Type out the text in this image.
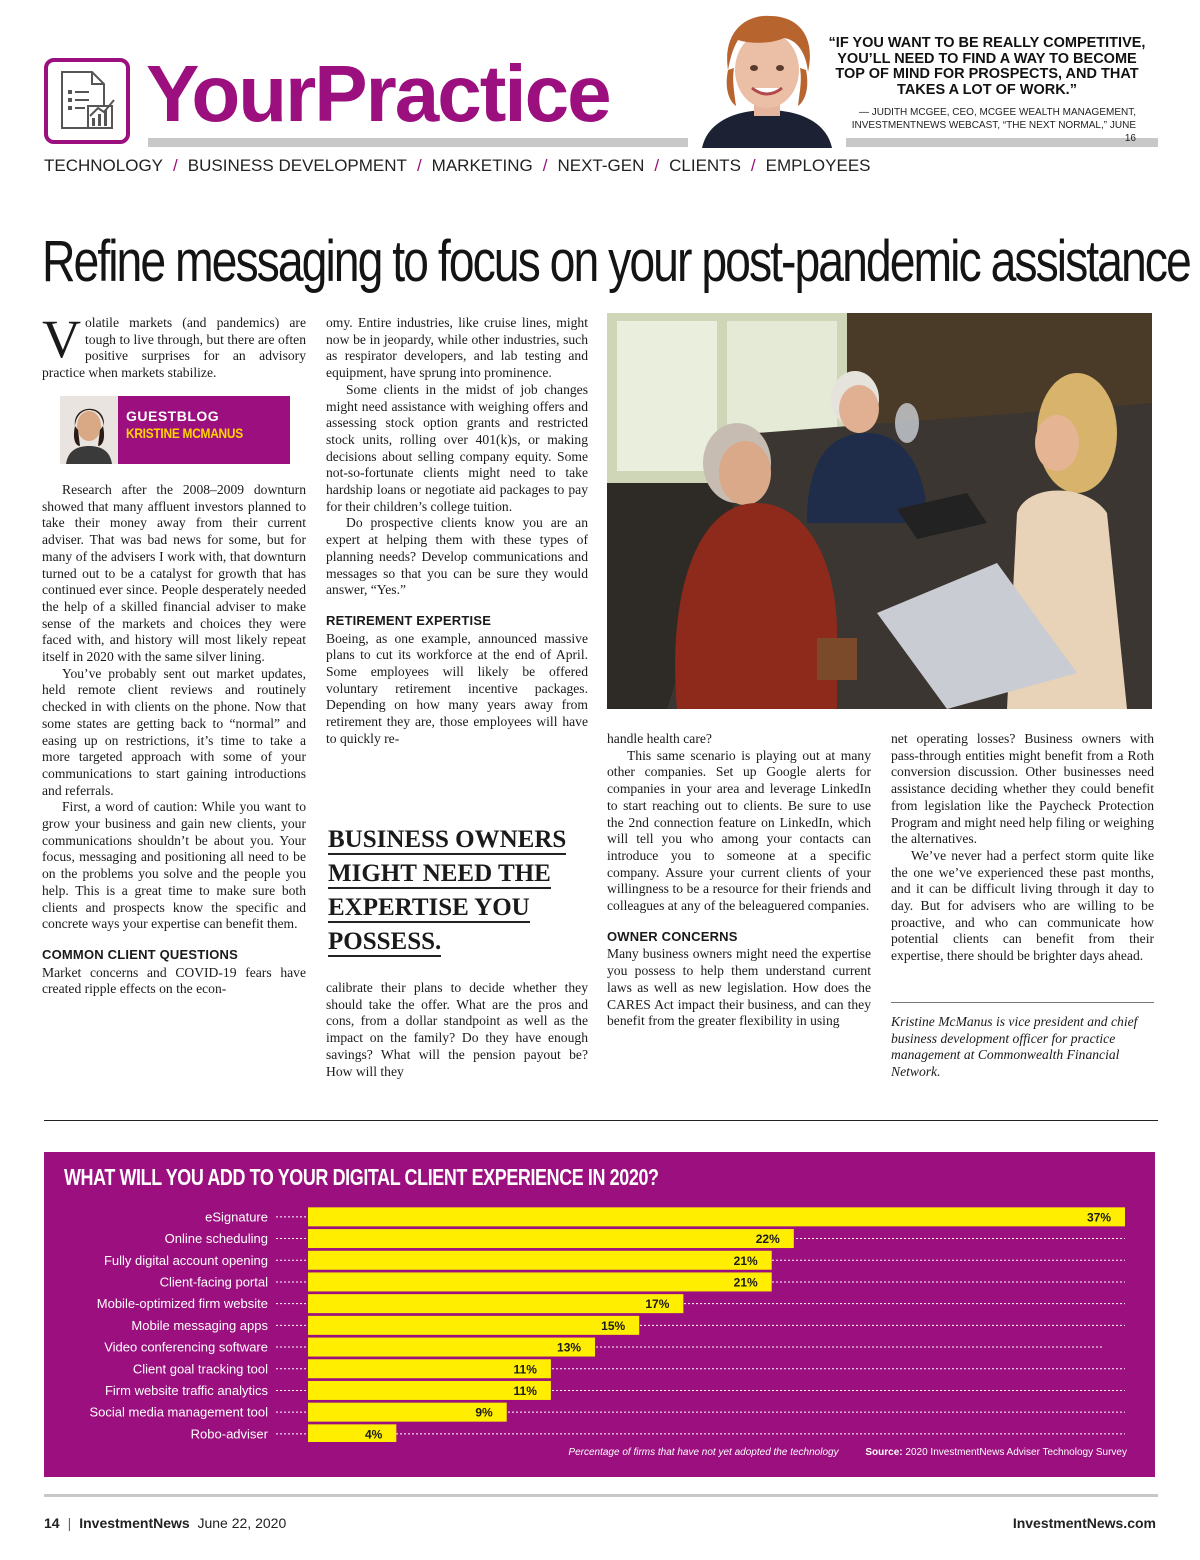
YourPractice
“IF YOU WANT TO BE REALLY COMPETITIVE, YOU’LL NEED TO FIND A WAY TO BECOME TOP OF MIND FOR PROSPECTS, AND THAT TAKES A LOT OF WORK.”
— JUDITH MCGEE, CEO, MCGEE WEALTH MANAGEMENT,
INVESTMENTNEWS WEBCAST, “THE NEXT NORMAL,” JUNE 16
TECHNOLOGY / BUSINESS DEVELOPMENT / MARKETING / NEXT-GEN / CLIENTS / EMPLOYEES
Refine messaging to focus on your post-pandemic assistance

Volatile markets (and pandemics) are tough to live through, but there are often positive surprises for an advisory practice when markets stabilize.

GUESTBLOG
KRISTINE MCMANUS

Research after the 2008–2009 downturn showed that many affluent investors planned to take their money away from their current adviser. That was bad news for some, but for many of the advisers I work with, that downturn turned out to be a catalyst for growth that has continued ever since. People desperately needed the help of a skilled financial adviser to make sense of the markets and choices they were faced with, and history will most likely repeat itself in 2020 with the same silver lining.

You’ve probably sent out market updates, held remote client reviews and routinely checked in with clients on the phone. Now that some states are getting back to “normal” and easing up on restrictions, it’s time to take a more targeted approach with some of your communications to start gaining introductions and referrals.

First, a word of caution: While you want to grow your business and gain new clients, your communications shouldn’t be about you. Your focus, messaging and positioning all need to be on the problems you solve and the people you help. This is a great time to make sure both clients and prospects know the specific and concrete ways your expertise can benefit them.

COMMON CLIENT QUESTIONS

Market concerns and COVID-19 fears have created ripple effects on the econ-

omy. Entire industries, like cruise lines, might now be in jeopardy, while other industries, such as respirator developers, and lab testing and equipment, have sprung into prominence.

Some clients in the midst of job changes might need assistance with weighing offers and assessing stock option grants and restricted stock units, rolling over 401(k)s, or making decisions about selling company equity. Some not-so-fortunate clients might need to take hardship loans or negotiate aid packages to pay for their children’s college tuition.

Do prospective clients know you are an expert at helping them with these types of planning needs? Develop communications and messages so that you can be sure they would answer, “Yes.”

RETIREMENT EXPERTISE

Boeing, as one example, announced massive plans to cut its workforce at the end of April. Some employees will likely be offered voluntary retirement incentive packages. Depending on how many years away from retirement they are, those employees will have to quickly re-

BUSINESS OWNERS
MIGHT NEED THE
EXPERTISE YOU
POSSESS.

calibrate their plans to decide whether they should take the offer. What are the pros and cons, from a dollar standpoint as well as the impact on the family? Do they have enough savings? What will the pension payout be? How will they

handle health care?

This same scenario is playing out at many other companies. Set up Google alerts for companies in your area and leverage LinkedIn to start reaching out to clients. Be sure to use the 2nd connection feature on LinkedIn, which will tell you who among your contacts can introduce you to someone at a specific company. Assure your current clients of your willingness to be a resource for their friends and colleagues at any of the beleaguered companies.

OWNER CONCERNS

Many business owners might need the expertise you possess to help them understand current laws as well as new legislation. How does the CARES Act impact their business, and can they benefit from the greater flexibility in using

net operating losses? Business owners with pass-through entities might benefit from a Roth conversion discussion. Other businesses need assistance deciding whether they could benefit from legislation like the Paycheck Protection Program and might need help filing or weighing the alternatives.

We’ve never had a perfect storm quite like the one we’ve experienced these past months, and it can be difficult living through it day to day. But for advisers who are willing to be proactive, and who can communicate how potential clients can benefit from their expertise, there should be brighter days ahead.

Kristine McManus is vice president and chief business development officer for practice management at Commonwealth Financial Network.
WHAT WILL YOU ADD TO YOUR DIGITAL CLIENT EXPERIENCE IN 2020?
eSignature	37%
Online scheduling	22%
Fully digital account opening	21%
Client-facing portal	21%
Mobile-optimized firm website	17%
Mobile messaging apps	15%
Video conferencing software	13%
Client goal tracking tool	11%
Firm website traffic analytics	11%
Social media management tool	9%
Robo-adviser	4%
Percentage of firms that have not yet adopted the technology	Source: 2020 InvestmentNews Adviser Technology Survey
14 | InvestmentNews June 22, 2020	InvestmentNews.com
